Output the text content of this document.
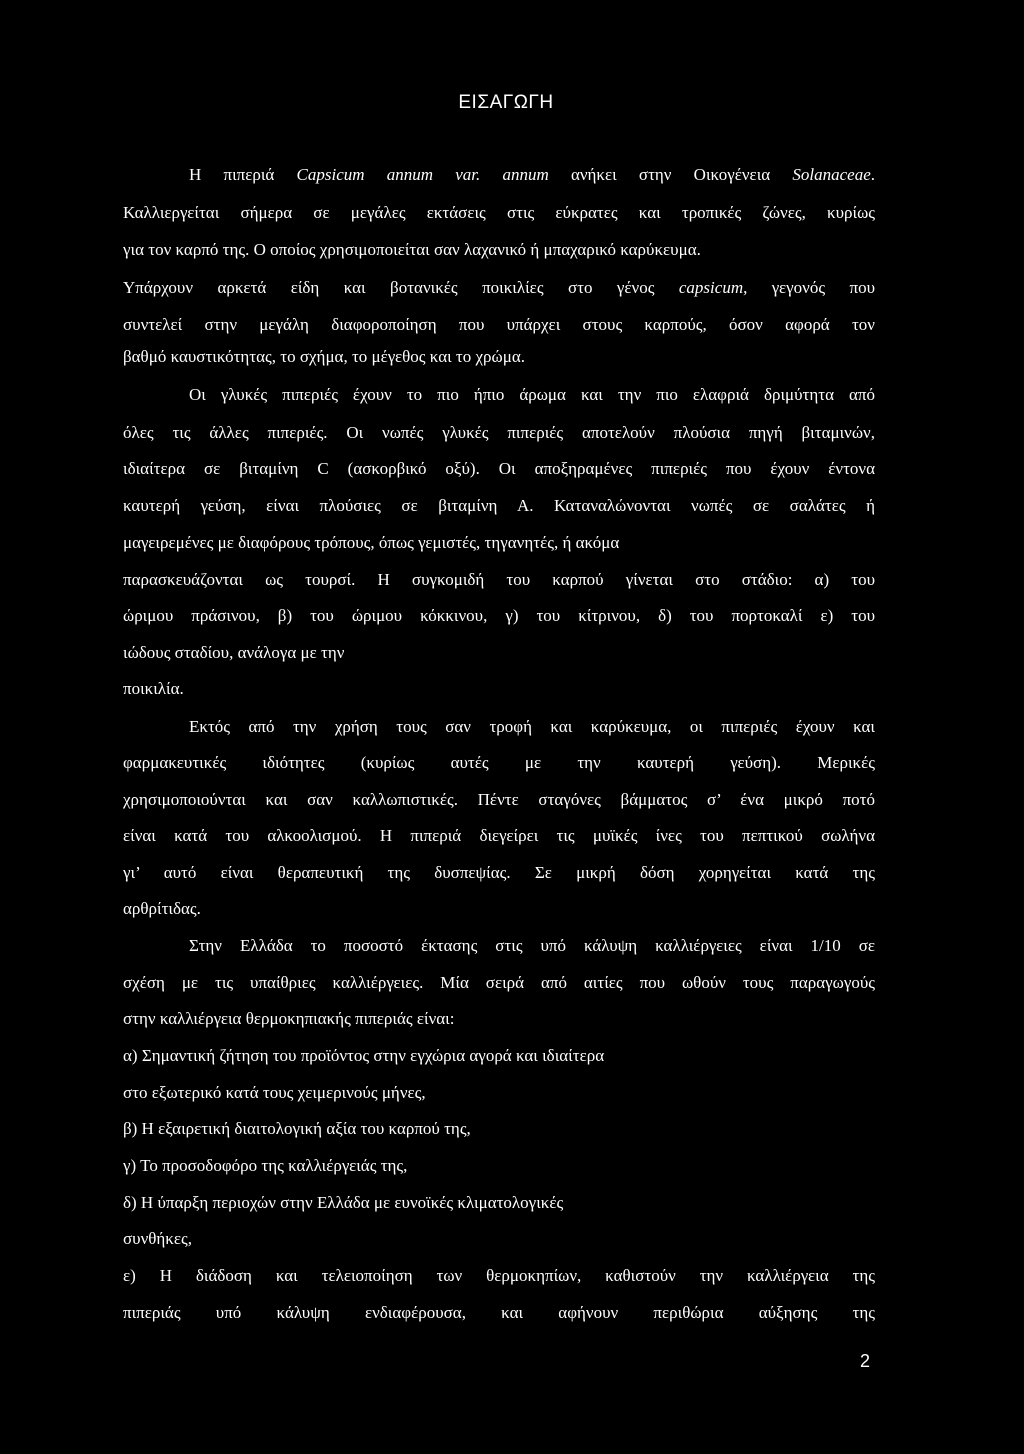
ΕΙΣΑΓΩΓΗ
Η πιπεριά Capsicum annum var. annum ανήκει στην Οικογένεια Solanaceae.
Καλλιεργείται σήμερα σε μεγάλες εκτάσεις στις εύκρατες και τροπικές ζώνες, κυρίως
για τον καρπό της. Ο οποίος χρησιμοποιείται σαν λαχανικό ή μπαχαρικό καρύκευμα.
Υπάρχουν αρκετά είδη και βοτανικές ποικιλίες στο γένος capsicum, γεγονός που
συντελεί στην μεγάλη διαφοροποίηση που υπάρχει στους καρπούς, όσον αφορά τον
βαθμό καυστικότητας, το σχήμα, το μέγεθος και το χρώμα.
Οι γλυκές πιπεριές έχουν το πιο ήπιο άρωμα και την πιο ελαφριά δριμύτητα από
όλες τις άλλες πιπεριές. Οι νωπές γλυκές πιπεριές αποτελούν πλούσια πηγή βιταμινών,
ιδιαίτερα σε βιταμίνη C (ασκορβικό οξύ). Οι αποξηραμένες πιπεριές που έχουν έντονα
καυτερή γεύση, είναι πλούσιες σε βιταμίνη Α. Καταναλώνονται νωπές σε σαλάτες ή
μαγειρεμένες με διαφόρους τρόπους, όπως γεμιστές, τηγανητές, ή ακόμα
παρασκευάζονται ως τουρσί. Η συγκομιδή του καρπού γίνεται στο στάδιο: α) του
ώριμου πράσινου, β) του ώριμου κόκκινου, γ) του κίτρινου, δ) του πορτοκαλί ε) του
ιώδους σταδίου, ανάλογα με την
ποικιλία.
Εκτός από την χρήση τους σαν τροφή και καρύκευμα, οι πιπεριές έχουν και
φαρμακευτικές ιδιότητες (κυρίως αυτές με την καυτερή γεύση). Μερικές
χρησιμοποιούνται και σαν καλλωπιστικές. Πέντε σταγόνες βάμματος σ’ ένα μικρό ποτό
είναι κατά του αλκοολισμού. Η πιπεριά διεγείρει τις μυϊκές ίνες του πεπτικού σωλήνα
γι’ αυτό είναι θεραπευτική της δυσπεψίας. Σε μικρή δόση χορηγείται κατά της
αρθρίτιδας.
Στην Ελλάδα το ποσοστό έκτασης στις υπό κάλυψη καλλιέργειες είναι 1/10 σε
σχέση με τις υπαίθριες καλλιέργειες. Μία σειρά από αιτίες που ωθούν τους παραγωγούς
στην καλλιέργεια θερμοκηπιακής πιπεριάς είναι:
α) Σημαντική ζήτηση του προϊόντος στην εγχώρια αγορά και ιδιαίτερα
στο εξωτερικό κατά τους χειμερινούς μήνες,
β) Η εξαιρετική διαιτολογική αξία του καρπού της,
γ) Το προσοδοφόρο της καλλιέργειάς της,
δ) Η ύπαρξη περιοχών στην Ελλάδα με ευνοϊκές κλιματολογικές
συνθήκες,
ε) Η διάδοση και τελειοποίηση των θερμοκηπίων, καθιστούν την καλλιέργεια της
πιπεριάς υπό κάλυψη ενδιαφέρουσα, και αφήνουν περιθώρια αύξησης της
2
